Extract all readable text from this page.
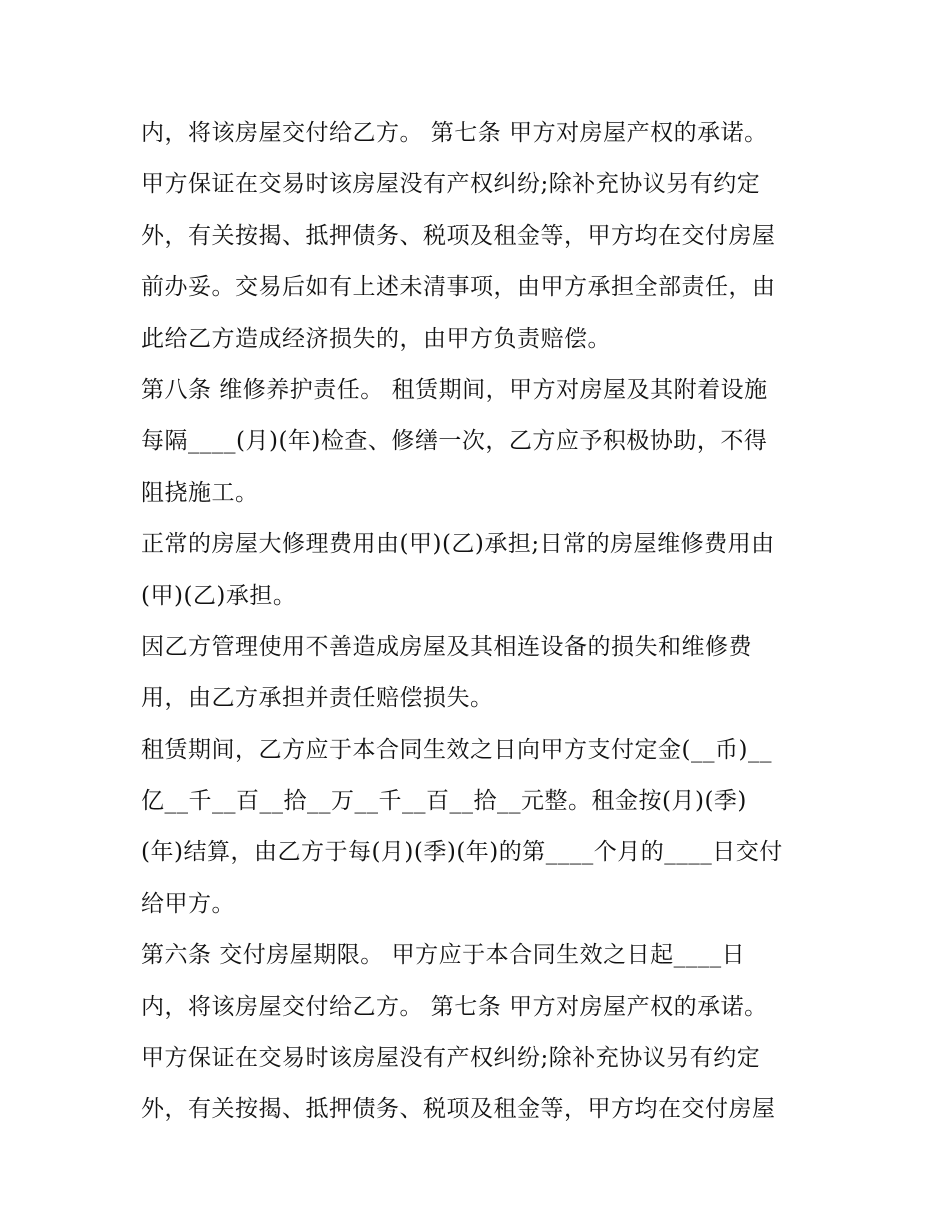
内，将该房屋交付给乙方。 第七条 甲方对房屋产权的承诺。
甲方保证在交易时该房屋没有产权纠纷;除补充协议另有约定
外，有关按揭、抵押债务、税项及租金等，甲方均在交付房屋
前办妥。交易后如有上述未清事项，由甲方承担全部责任，由
此给乙方造成经济损失的，由甲方负责赔偿。
第八条 维修养护责任。 租赁期间，甲方对房屋及其附着设施
每隔____(月)(年)检查、修缮一次，乙方应予积极协助，不得
阻挠施工。
正常的房屋大修理费用由(甲)(乙)承担;日常的房屋维修费用由
(甲)(乙)承担。
因乙方管理使用不善造成房屋及其相连设备的损失和维修费
用，由乙方承担并责任赔偿损失。
租赁期间，乙方应于本合同生效之日向甲方支付定金(__币)__
亿__千__百__拾__万__千__百__拾__元整。租金按(月)(季)
(年)结算，由乙方于每(月)(季)(年)的第____个月的____日交付
给甲方。
第六条 交付房屋期限。 甲方应于本合同生效之日起____日
内，将该房屋交付给乙方。 第七条 甲方对房屋产权的承诺。
甲方保证在交易时该房屋没有产权纠纷;除补充协议另有约定
外，有关按揭、抵押债务、税项及租金等，甲方均在交付房屋
